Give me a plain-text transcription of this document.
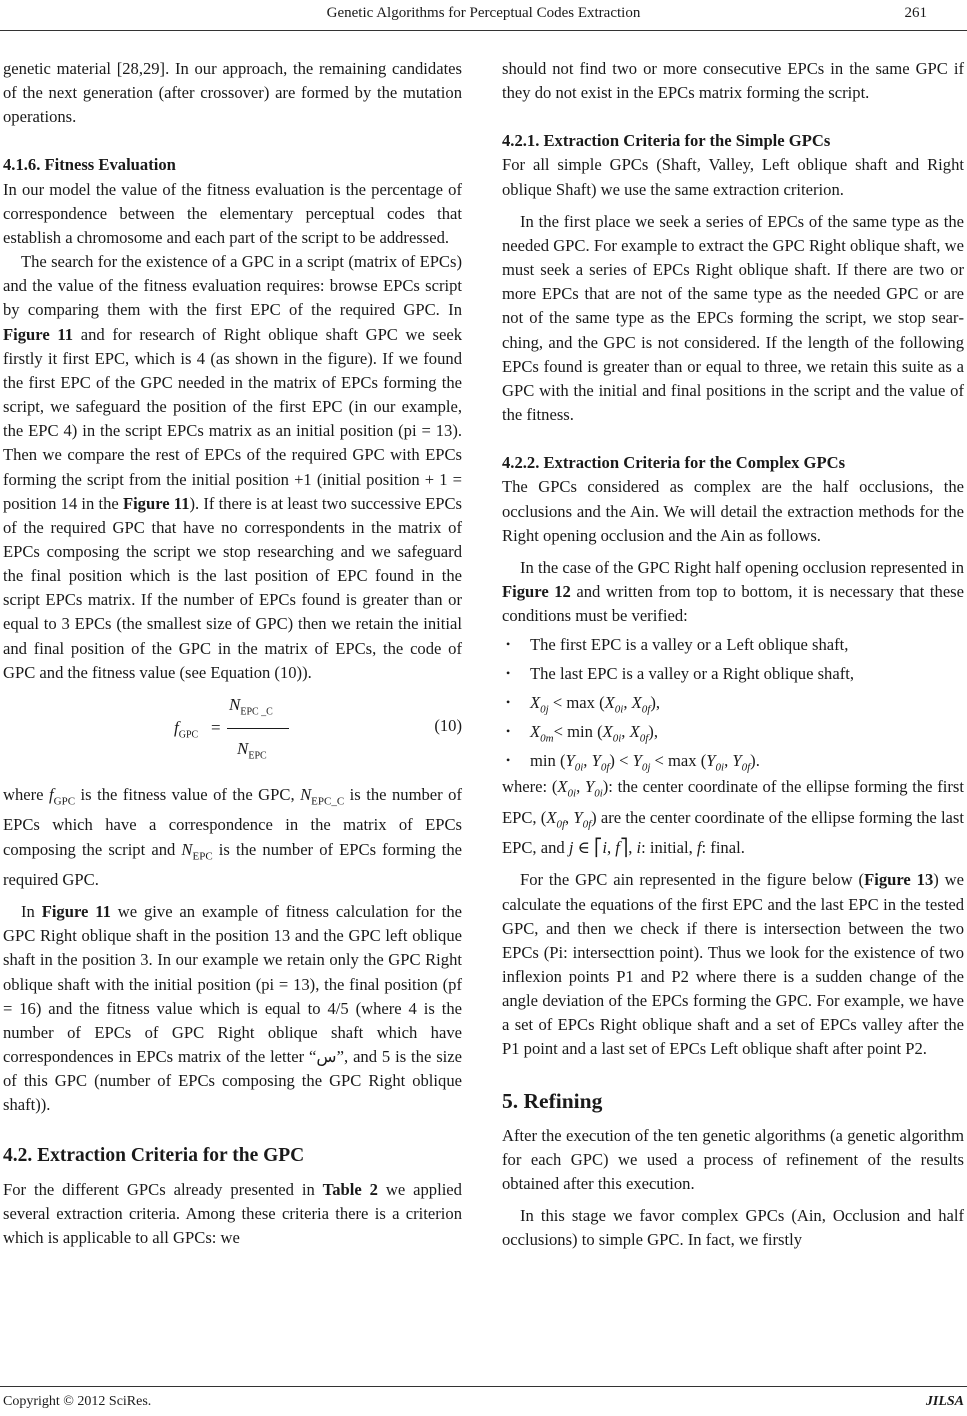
Genetic Algorithms for Perceptual Codes Extraction	261

genetic material [28,29]. In our approach, the remaining candidates of the next generation (after crossover) are formed by the mutation operations.

4.1.6. Fitness Evaluation

In our model the value of the fitness evaluation is the percentage of correspondence between the elementary perceptual codes that establish a chromosome and each part of the script to be addressed.

The search for the existence of a GPC in a script (matrix of EPCs) and the value of the fitness evaluation requires: browse EPCs script by comparing them with the first EPC of the required GPC. In Figure 11 and for research of Right oblique shaft GPC we seek firstly it first EPC, which is 4 (as shown in the figure). If we found the first EPC of the GPC needed in the matrix of EPCs forming the script, we safeguard the position of the first EPC (in our example, the EPC 4) in the script EPCs matrix as an initial position (pi = 13). Then we compare the rest of EPCs of the required GPC with EPCs forming the script from the initial position +1 (initial position + 1 = position 14 in the Figure 11). If there is at least two successive EPCs of the required GPC that have no correspondents in the matrix of EPCs composing the script we stop researching and we safeguard the final position which is the last position of EPC found in the script EPCs matrix. If the number of EPCs found is greater than or equal to 3 EPCs (the smallest size of GPC) then we retain the initial and final position of the GPC in the matrix of EPCs, the code of GPC and the fitness value (see Equation (10)).

$f_{GPC}$ =
$N_{EPC \_C}$
$N_{EPC}$
(10)

where $f_{GPC}$ is the fitness value of the GPC, $N_{EPC\_C}$ is the number of EPCs which have a correspondence in the matrix of EPCs composing the script and $N_{EPC}$ is the number of EPCs forming the required GPC.

In Figure 11 we give an example of fitness calculation for the GPC Right oblique shaft in the position 13 and the GPC left oblique shaft in the position 3. In our example we retain only the GPC Right oblique shaft with the initial position (pi = 13), the final position (pf = 16) and the fitness value which is equal to 4/5 (where 4 is the number of EPCs of GPC Right oblique shaft which have correspondences in EPCs matrix of the letter “س”, and 5 is the size of this GPC (number of EPCs composing the GPC Right oblique shaft)).

4.2. Extraction Criteria for the GPC

For the different GPCs already presented in Table 2 we applied several extraction criteria. Among these criteria there is a criterion which is applicable to all GPCs: we

should not find two or more consecutive EPCs in the same GPC if they do not exist in the EPCs matrix forming the script.

4.2.1. Extraction Criteria for the Simple GPCs

For all simple GPCs (Shaft, Valley, Left oblique shaft and Right oblique Shaft) we use the same extraction criterion.

In the first place we seek a series of EPCs of the same type as the needed GPC. For example to extract the GPC Right oblique shaft, we must seek a series of EPCs Right oblique shaft. If there are two or more EPCs that are not of the same type as the needed GPC or are not of the same type as the EPCs forming the script, we stop searching, and the GPC is not considered. If the length of the following EPCs found is greater than or equal to three, we retain this suite as a GPC with the initial and final positions in the script and the value of the fitness.

4.2.2. Extraction Criteria for the Complex GPCs

The GPCs considered as complex are the half occlusions, the occlusions and the Ain. We will detail the extraction methods for the Right opening occlusion and the Ain as follows.

In the case of the GPC Right half opening occlusion represented in Figure 12 and written from top to bottom, it is necessary that these conditions must be verified:

• The first EPC is a valley or a Left oblique shaft,
• The last EPC is a valley or a Right oblique shaft,
• $X_{0j} < \max (X_{0i}$, $X_{0f}$),
• $X_{0m}< \min (X_{0i}$, $X_{0f}$),
• $\min (Y_{0i}$, $Y_{0f}) < Y_{0j} < \max (Y_{0i}$, $Y_{0f}$).

where: ($X_{0i}$, $Y_{0i}$): the center coordinate of the ellipse forming the first EPC, ($X_{0f}$, $Y_{0f}$) are the center coordinate of the ellipse forming the last EPC, and j ∈ ⎡i, f⎤, i: initial, f: final.

For the GPC ain represented in the figure below (Figure 13) we calculate the equations of the first EPC and the last EPC in the tested GPC, and then we check if there is intersection between the two EPCs (Pi: intersecttion point). Thus we look for the existence of two inflexion points P1 and P2 where there is a sudden change of the angle deviation of the EPCs forming the GPC. For example, we have a set of EPCs Right oblique shaft and a set of EPCs valley after the P1 point and a last set of EPCs Left oblique shaft after point P2.

5. Refining

After the execution of the ten genetic algorithms (a genetic algorithm for each GPC) we used a process of refinement of the results obtained after this execution.

In this stage we favor complex GPCs (Ain, Occlusion and half occlusions) to simple GPC. In fact, we firstly

Copyright © 2012 SciRes.	JILSA
